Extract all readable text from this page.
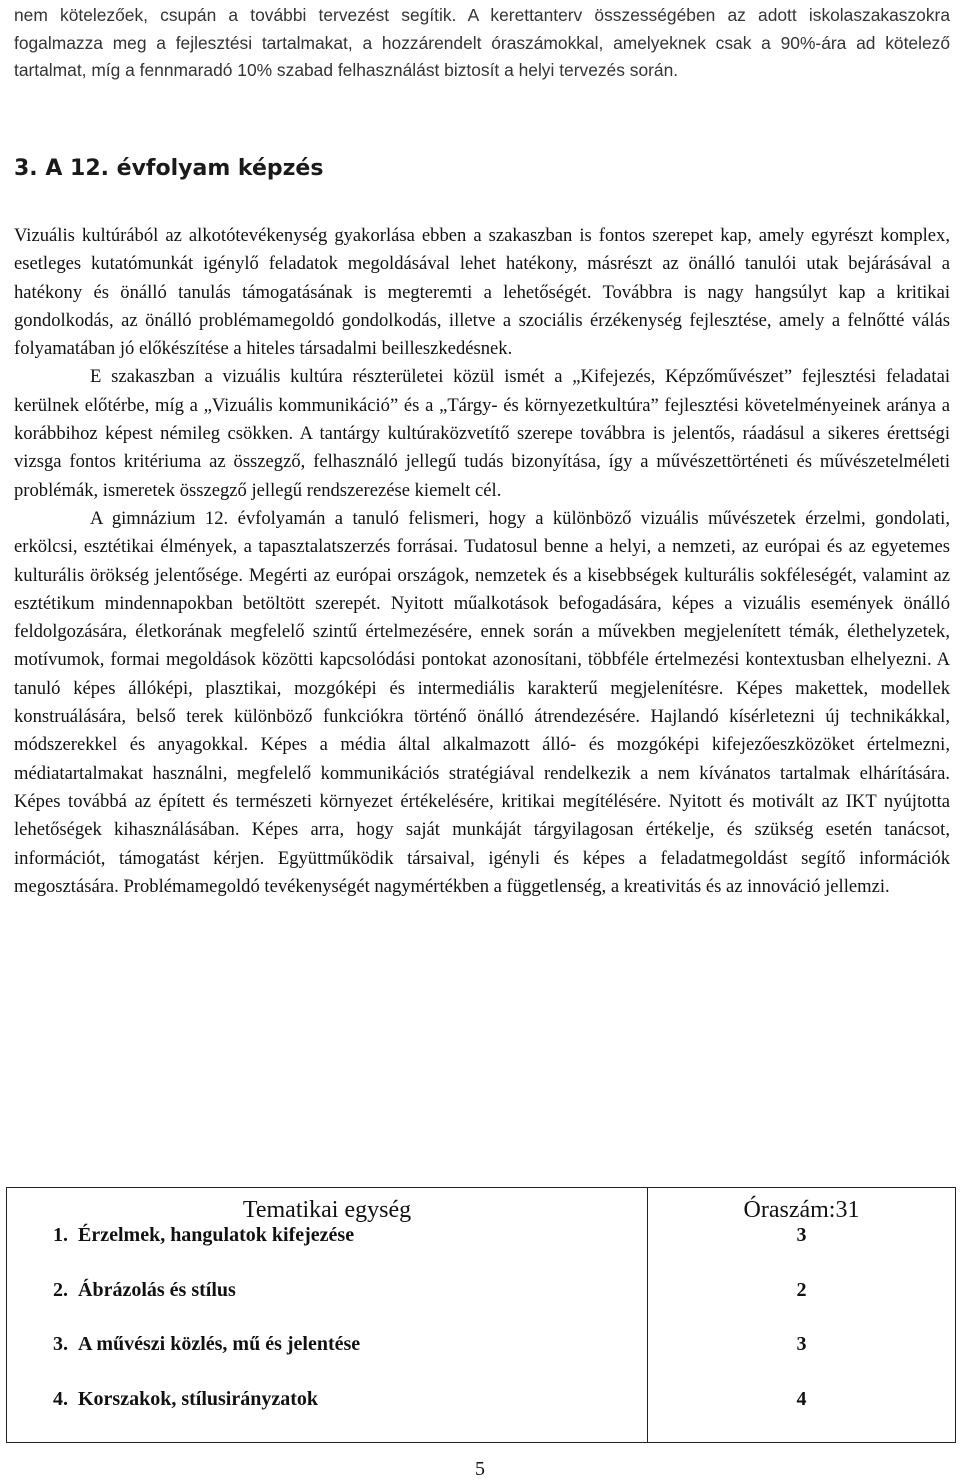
nem kötelezőek, csupán a további tervezést segítik. A kerettanterv összességében az adott iskolaszakaszokra fogalmazza meg a fejlesztési tartalmakat, a hozzárendelt óraszámokkal, amelyeknek csak a 90%-ára ad kötelező tartalmat, míg a fennmaradó 10% szabad felhasználást biztosít a helyi tervezés során.

3. A 12. évfolyam képzés

Vizuális kultúrából az alkotótevékenység gyakorlása ebben a szakaszban is fontos szerepet kap, amely egyrészt komplex, esetleges kutatómunkát igénylő feladatok megoldásával lehet hatékony, másrészt az önálló tanulói utak bejárásával a hatékony és önálló tanulás támogatásának is megteremti a lehetőségét. Továbbra is nagy hangsúlyt kap a kritikai gondolkodás, az önálló problémamegoldó gondolkodás, illetve a szociális érzékenység fejlesztése, amely a felnőtté válás folyamatában jó előkészítése a hiteles társadalmi beilleszkedésnek.

E szakaszban a vizuális kultúra részterületei közül ismét a „Kifejezés, Képzőművészet” fejlesztési feladatai kerülnek előtérbe, míg a „Vizuális kommunikáció” és a „Tárgy- és környezetkultúra” fejlesztési követelményeinek aránya a korábbihoz képest némileg csökken. A tantárgy kultúraközvetítő szerepe továbbra is jelentős, ráadásul a sikeres érettségi vizsga fontos kritériuma az összegző, felhasználó jellegű tudás bizonyítása, így a művészettörténeti és művészetelméleti problémák, ismeretek összegző jellegű rendszerezése kiemelt cél.

A gimnázium 12. évfolyamán a tanuló felismeri, hogy a különböző vizuális művészetek érzelmi, gondolati, erkölcsi, esztétikai élmények, a tapasztalatszerzés forrásai. Tudatosul benne a helyi, a nemzeti, az európai és az egyetemes kulturális örökség jelentősége. Megérti az európai országok, nemzetek és a kisebbségek kulturális sokféleségét, valamint az esztétikum mindennapokban betöltött szerepét. Nyitott műalkotások befogadására, képes a vizuális események önálló feldolgozására, életkorának megfelelő szintű értelmezésére, ennek során a művekben megjelenített témák, élethelyzetek, motívumok, formai megoldások közötti kapcsolódási pontokat azonosítani, többféle értelmezési kontextusban elhelyezni. A tanuló képes állóképi, plasztikai, mozgóképi és intermediális karakterű megjelenítésre. Képes makettek, modellek konstruálására, belső terek különböző funkciókra történő önálló átrendezésére. Hajlandó kísérletezni új technikákkal, módszerekkel és anyagokkal. Képes a média által alkalmazott álló- és mozgóképi kifejezőeszközöket értelmezni, médiatartalmakat használni, megfelelő kommunikációs stratégiával rendelkezik a nem kívánatos tartalmak elhárítására. Képes továbbá az épített és természeti környezet értékelésére, kritikai megítélésére. Nyitott és motivált az IKT nyújtotta lehetőségek kihasználásában. Képes arra, hogy saját munkáját tárgyilagosan értékelje, és szükség esetén tanácsot, információt, támogatást kérjen. Együttműködik társaival, igényli és képes a feladatmegoldást segítő információk megosztására. Problémamegoldó tevékenységét nagymértékben a függetlenség, a kreativitás és az innováció jellemzi.

Tematikai egység	Óraszám:31
1. Érzelmek, hangulatok kifejezése	3
2. Ábrázolás és stílus	2
3. A művészi közlés, mű és jelentése	3
4. Korszakok, stílusirányzatok	4
5
